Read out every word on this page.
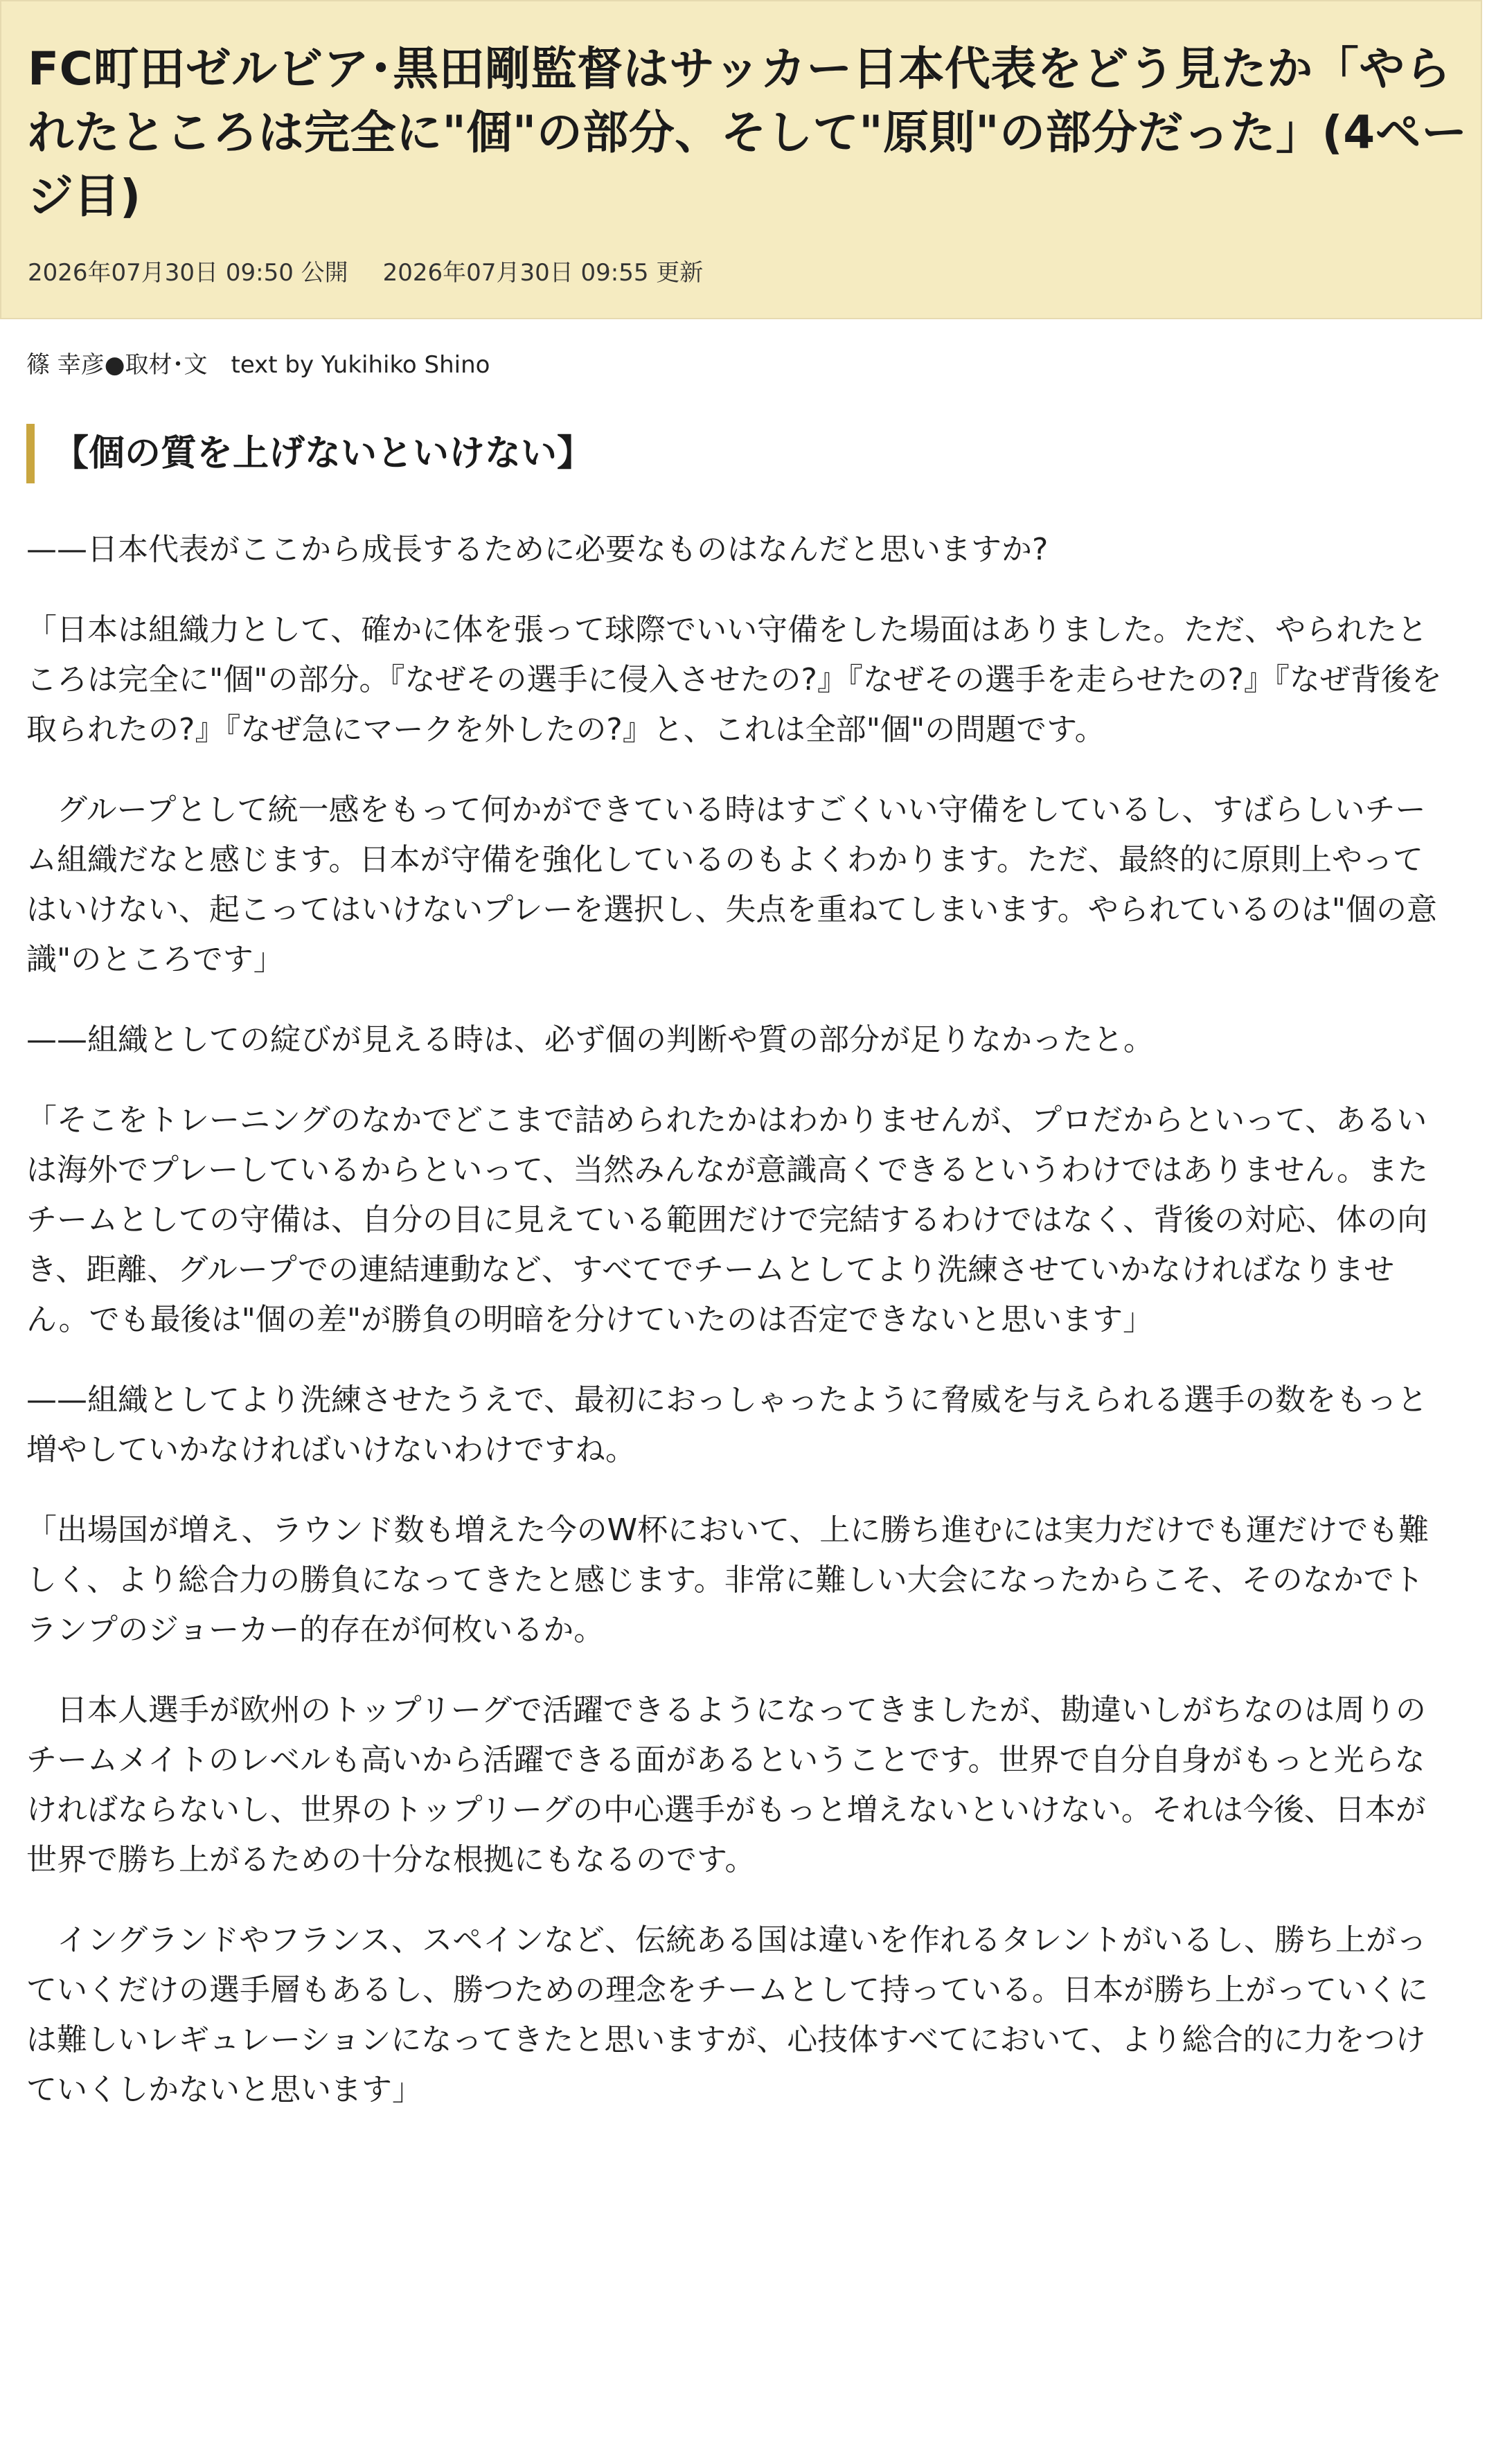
FC町田ゼルビア･黒田剛監督はサッカー日本代表をどう見たか「やられたところは完全に"個"の部分、そして"原則"の部分だった」(4ページ目)
2026年07月30日 09:50 公開 2026年07月30日 09:55 更新
篠 幸彦●取材･文 text by Yukihiko Shino
【個の質を上げないといけない】

——日本代表がここから成長するために必要なものはなんだと思いますか?

「日本は組織力として、確かに体を張って球際でいい守備をした場面はありました。ただ、やられたところは完全に"個"の部分。『なぜその選手に侵入させたの?』『なぜその選手を走らせたの?』『なぜ背後を取られたの?』『なぜ急にマークを外したの?』と、これは全部"個"の問題です。

グループとして統一感をもって何かができている時はすごくいい守備をしているし、すばらしいチーム組織だなと感じます。日本が守備を強化しているのもよくわかります。ただ、最終的に原則上やってはいけない、起こってはいけないプレーを選択し、失点を重ねてしまいます。やられているのは"個の意識"のところです」

——組織としての綻びが見える時は、必ず個の判断や質の部分が足りなかったと。

「そこをトレーニングのなかでどこまで詰められたかはわかりませんが、プロだからといって、あるいは海外でプレーしているからといって、当然みんなが意識高くできるというわけではありません。またチームとしての守備は、自分の目に見えている範囲だけで完結するわけではなく、背後の対応、体の向き、距離、グループでの連結連動など、すべてでチームとしてより洗練させていかなければなりません。でも最後は"個の差"が勝負の明暗を分けていたのは否定できないと思います」

——組織としてより洗練させたうえで、最初におっしゃったように脅威を与えられる選手の数をもっと増やしていかなければいけないわけですね。

「出場国が増え、ラウンド数も増えた今のW杯において、上に勝ち進むには実力だけでも運だけでも難しく、より総合力の勝負になってきたと感じます。非常に難しい大会になったからこそ、そのなかでトランプのジョーカー的存在が何枚いるか。

日本人選手が欧州のトップリーグで活躍できるようになってきましたが、勘違いしがちなのは周りのチームメイトのレベルも高いから活躍できる面があるということです。世界で自分自身がもっと光らなければならないし、世界のトップリーグの中心選手がもっと増えないといけない。それは今後、日本が世界で勝ち上がるための十分な根拠にもなるのです。

イングランドやフランス、スペインなど、伝統ある国は違いを作れるタレントがいるし、勝ち上がっていくだけの選手層もあるし、勝つための理念をチームとして持っている。日本が勝ち上がっていくには難しいレギュレーションになってきたと思いますが、心技体すべてにおいて、より総合的に力をつけていくしかないと思います」
